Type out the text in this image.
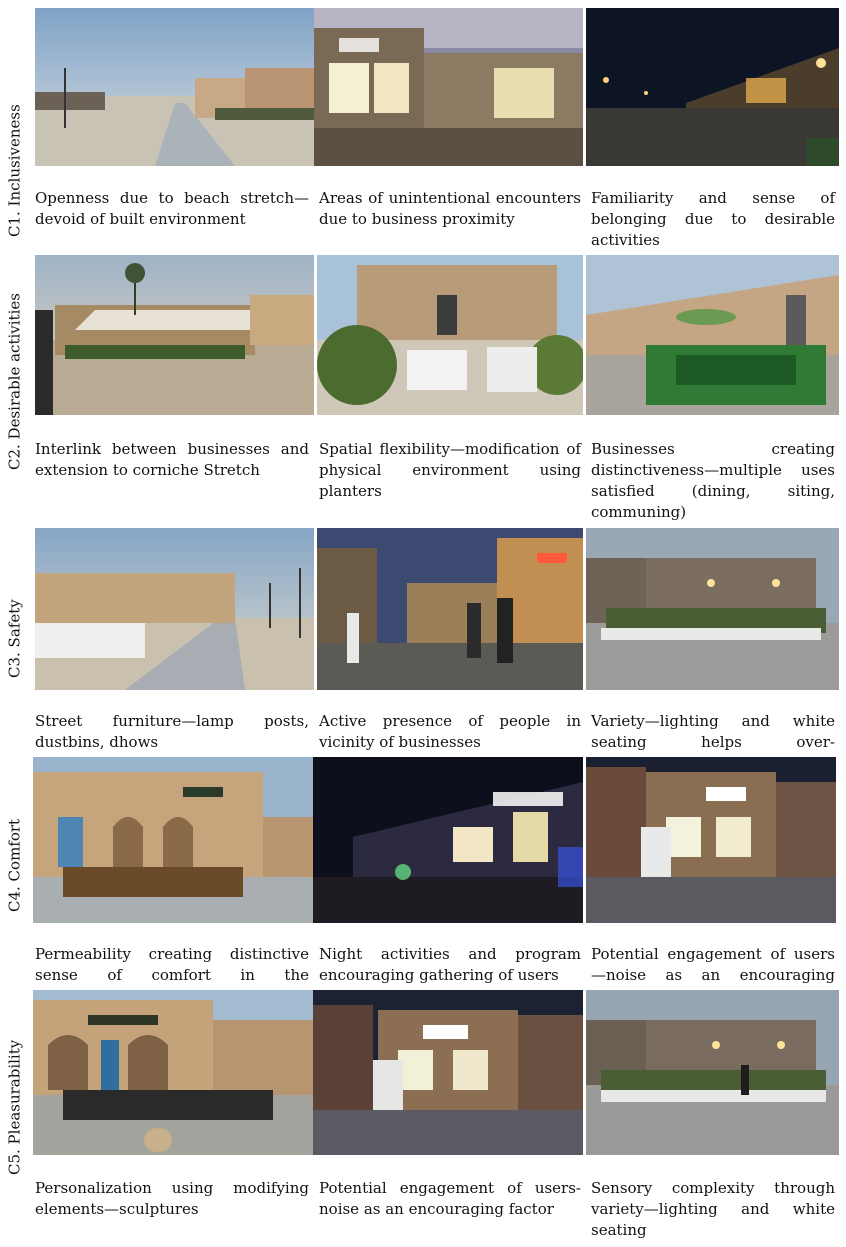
C1. Inclusiveness Openness due to beach stretch—devoid of built environment
Areas of unintentional encounters due to business proximity
Familiarity and sense of belonging due to desirable activities
C2. Desirable activities Interlink between businesses and extension to corniche Stretch
Spatial flexibility—modification of physical environment using planters
Businesses creating distinctiveness—multiple uses satisfied (dining, siting, communing)
C3. Safety
Street furniture—lamp posts, dustbins, dhows
Active presence of people in vicinity of businesses
Variety—lighting and white seating helps over-
C4. Comfort
Permeability creating distinctive sense of comfort in the
Night activities and program encouraging gathering of users
Potential engagement of users—noise as an encouraging
C5. Pleasurability
Personalization using modifying elements—sculptures
Potential engagement of users-noise as an encouraging factor
Sensory complexity through variety—lighting and white seating
